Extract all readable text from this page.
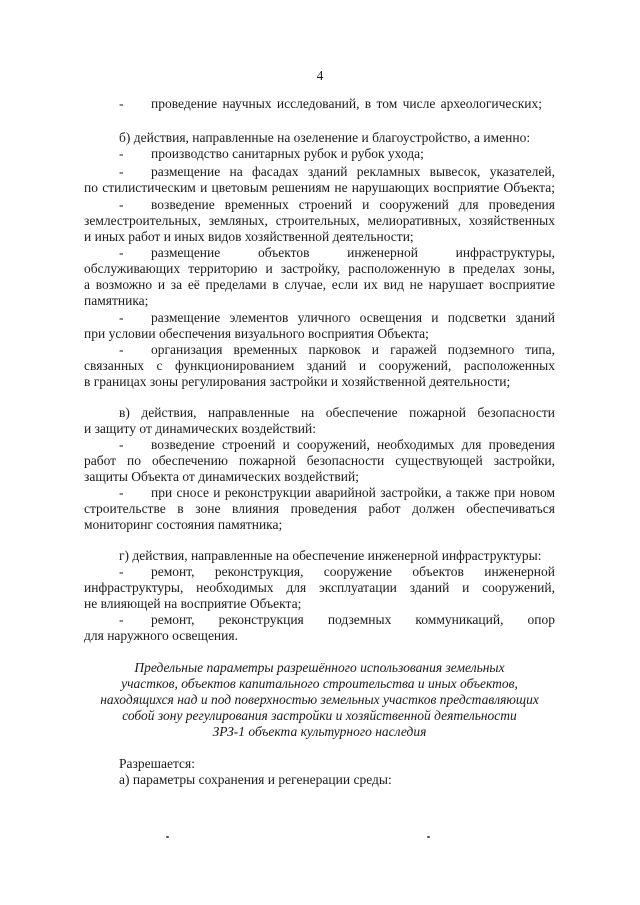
4
- проведение научных исследований, в том числе археологических;
б) действия, направленные на озеленение и благоустройство, а именно:
- производство санитарных рубок и рубок ухода;
- размещение на фасадах зданий рекламных вывесок, указателей,
по стилистическим и цветовым решениям не нарушающих восприятие Объекта;
- возведение временных строений и сооружений для проведения
землестроительных, земляных, строительных, мелиоративных, хозяйственных
и иных работ и иных видов хозяйственной деятельности;
- размещение объектов инженерной инфраструктуры,
обслуживающих территорию и застройку, расположенную в пределах зоны,
а возможно и за её пределами в случае, если их вид не нарушает восприятие
памятника;
- размещение элементов уличного освещения и подсветки зданий
при условии обеспечения визуального восприятия Объекта;
- организация временных парковок и гаражей подземного типа,
связанных с функционированием зданий и сооружений, расположенных
в границах зоны регулирования застройки и хозяйственной деятельности;
в) действия, направленные на обеспечение пожарной безопасности
и защиту от динамических воздействий:
- возведение строений и сооружений, необходимых для проведения
работ по обеспечению пожарной безопасности существующей застройки,
защиты Объекта от динамических воздействий;
- при сносе и реконструкции аварийной застройки, а также при новом
строительстве в зоне влияния проведения работ должен обеспечиваться
мониторинг состояния памятника;
г) действия, направленные на обеспечение инженерной инфраструктуры:
- ремонт, реконструкция, сооружение объектов инженерной
инфраструктуры, необходимых для эксплуатации зданий и сооружений,
не влияющей на восприятие Объекта;
- ремонт, реконструкция подземных коммуникаций, опор
для наружного освещения.
Предельные параметры разрешённого использования земельных
участков, объектов капитального строительства и иных объектов,
находящихся над и под поверхностью земельных участков представляющих
собой зону регулирования застройки и хозяйственной деятельности
ЗРЗ-1 объекта культурного наследия
Разрешается:
а) параметры сохранения и регенерации среды:
